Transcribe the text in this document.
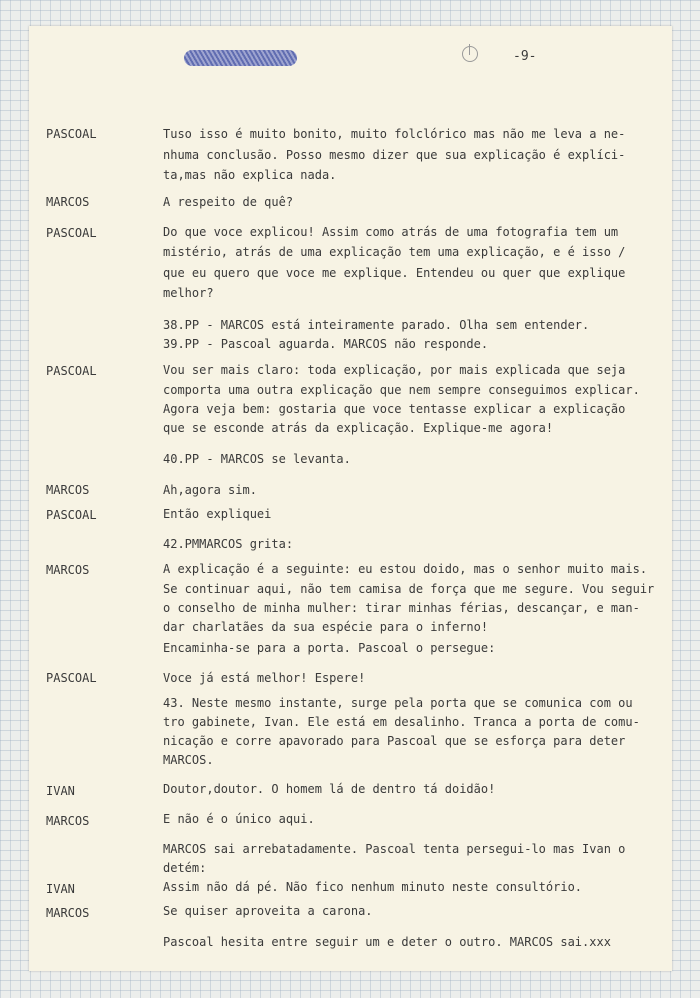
-9-
PASCOAL	Tuso isso é muito bonito, muito folclórico mas não me leva a ne-
nhuma conclusão. Posso mesmo dizer que sua explicação é explíci-
ta,mas não explica nada.
MARCOS	A respeito de quê?
PASCOAL	Do que voce explicou! Assim como atrás de uma fotografia tem um
mistério, atrás de uma explicação tem uma explicação, e é isso /
que eu quero que voce me explique. Entendeu ou quer que explique
melhor?
38.PP - MARCOS está inteiramente parado. Olha sem entender.
39.PP - Pascoal aguarda. MARCOS não responde.
PASCOAL	Vou ser mais claro: toda explicação, por mais explicada que seja
comporta uma outra explicação que nem sempre conseguimos explicar.
Agora veja bem: gostaria que voce tentasse explicar a explicação
que se esconde atrás da explicação. Explique-me agora!
40.PP - MARCOS se levanta.
MARCOS	Ah,agora sim.
PASCOAL	Então expliquei
42.PMMARCOS grita:
MARCOS	A explicação é a seguinte: eu estou doido, mas o senhor muito mais.
Se continuar aqui, não tem camisa de força que me segure. Vou seguir
o conselho de minha mulher: tirar minhas férias, descançar, e man-
dar charlatães da sua espécie para o inferno!
Encaminha-se para a porta. Pascoal o persegue:
PASCOAL	Voce já está melhor! Espere!
43. Neste mesmo instante, surge pela porta que se comunica com ou
tro gabinete, Ivan. Ele está em desalinho. Tranca a porta de comu-
nicação e corre apavorado para Pascoal que se esforça para deter
MARCOS.
IVAN	Doutor,doutor. O homem lá de dentro tá doidão!
MARCOS	E não é o único aqui.
MARCOS sai arrebatadamente. Pascoal tenta persegui-lo mas Ivan o
detém:
IVAN	Assim não dá pé. Não fico nenhum minuto neste consultório.
MARCOS	Se quiser aproveita a carona.
Pascoal hesita entre seguir um e deter o outro. MARCOS sai.xxx
